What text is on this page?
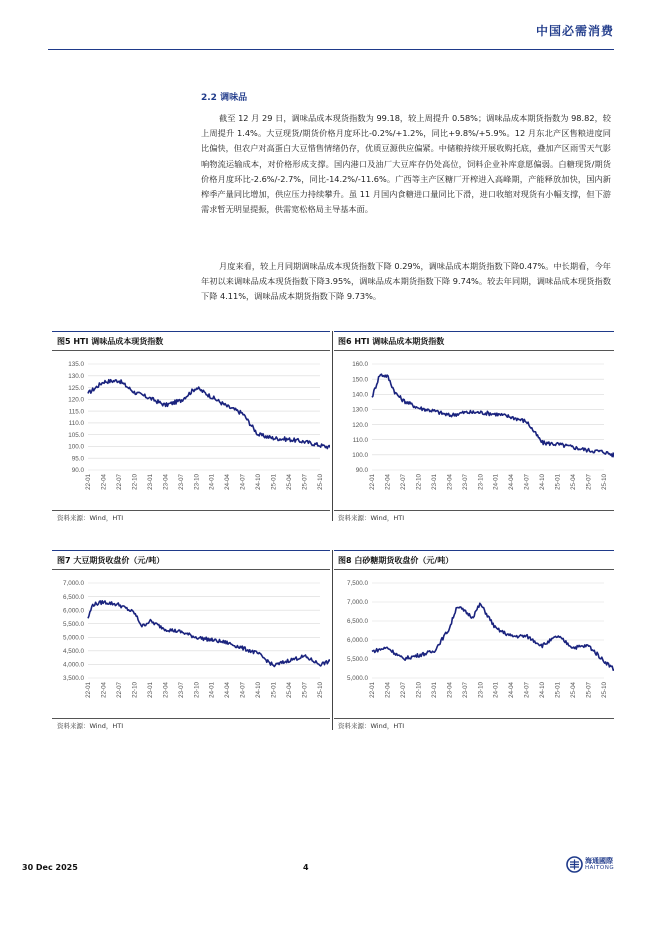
中国必需消费
2.2 调味品
截至 12 月 29 日，调味品成本现货指数为 99.18，较上周提升 0.58%；调味品成本期货指数为 98.82，较上周提升 1.4%。大豆现货/期货价格月度环比-0.2%/+1.2%，同比+9.8%/+5.9%。12 月东北产区售粮进度同比偏快，但农户对高蛋白大豆惜售情绪仍存，优质豆源供应偏紧。中储粮持续开展收购托底，叠加产区雨雪天气影响物流运输成本，对价格形成支撑。国内港口及油厂大豆库存仍处高位，饲料企业补库意愿偏弱。白糖现货/期货价格月度环比-2.6%/-2.7%，同比-14.2%/-11.6%。广西等主产区糖厂开榨进入高峰期，产能释放加快，国内新榨季产量同比增加，供应压力持续攀升。虽 11 月国内食糖进口量同比下滑，进口收缩对现货有小幅支撑，但下游需求暂无明显提振，供需宽松格局主导基本面。
月度来看，较上月同期调味品成本现货指数下降 0.29%，调味品成本期货指数下降0.47%。中长期看，今年年初以来调味品成本现货指数下降3.95%，调味品成本期货指数下降 9.74%。较去年同期，调味品成本现货指数下降 4.11%，调味品成本期货指数下降 9.73%。
图5 HTI 调味品成本现货指数
90.0
95.0
100.0
105.0
110.0
115.0
120.0
125.0
130.0
135.0
22-01 22-04 22-07 22-10 23-01 23-04 23-07 23-10 24-01 24-04 24-07 24-10 25-01 25-04 25-07 25-10
资料来源：Wind，HTI
图6 HTI 调味品成本期货指数
90.0
100.0
110.0
120.0
130.0
140.0
150.0
160.0
22-01 22-04 22-07 22-10 23-01 23-04 23-07 23-10 24-01 24-04 24-07 24-10 25-01 25-04 25-07 25-10
资料来源：Wind，HTI
图7 大豆期货收盘价（元/吨）
3,500.0
4,000.0
4,500.0
5,000.0
5,500.0
6,000.0
6,500.0
7,000.0
22-01 22-04 22-07 22-10 23-01 23-04 23-07 23-10 24-01 24-04 24-07 24-10 25-01 25-04 25-07 25-10
资料来源：Wind，HTI
图8 白砂糖期货收盘价（元/吨）
5,000.0
5,500.0
6,000.0
6,500.0
7,000.0
7,500.0
22-01 22-04 22-07 22-10 23-01 23-04 23-07 23-10 24-01 24-04 24-07 24-10 25-01 25-04 25-07 25-10
资料来源：Wind，HTI
30 Dec 2025	4
海通國際
HAITONG
